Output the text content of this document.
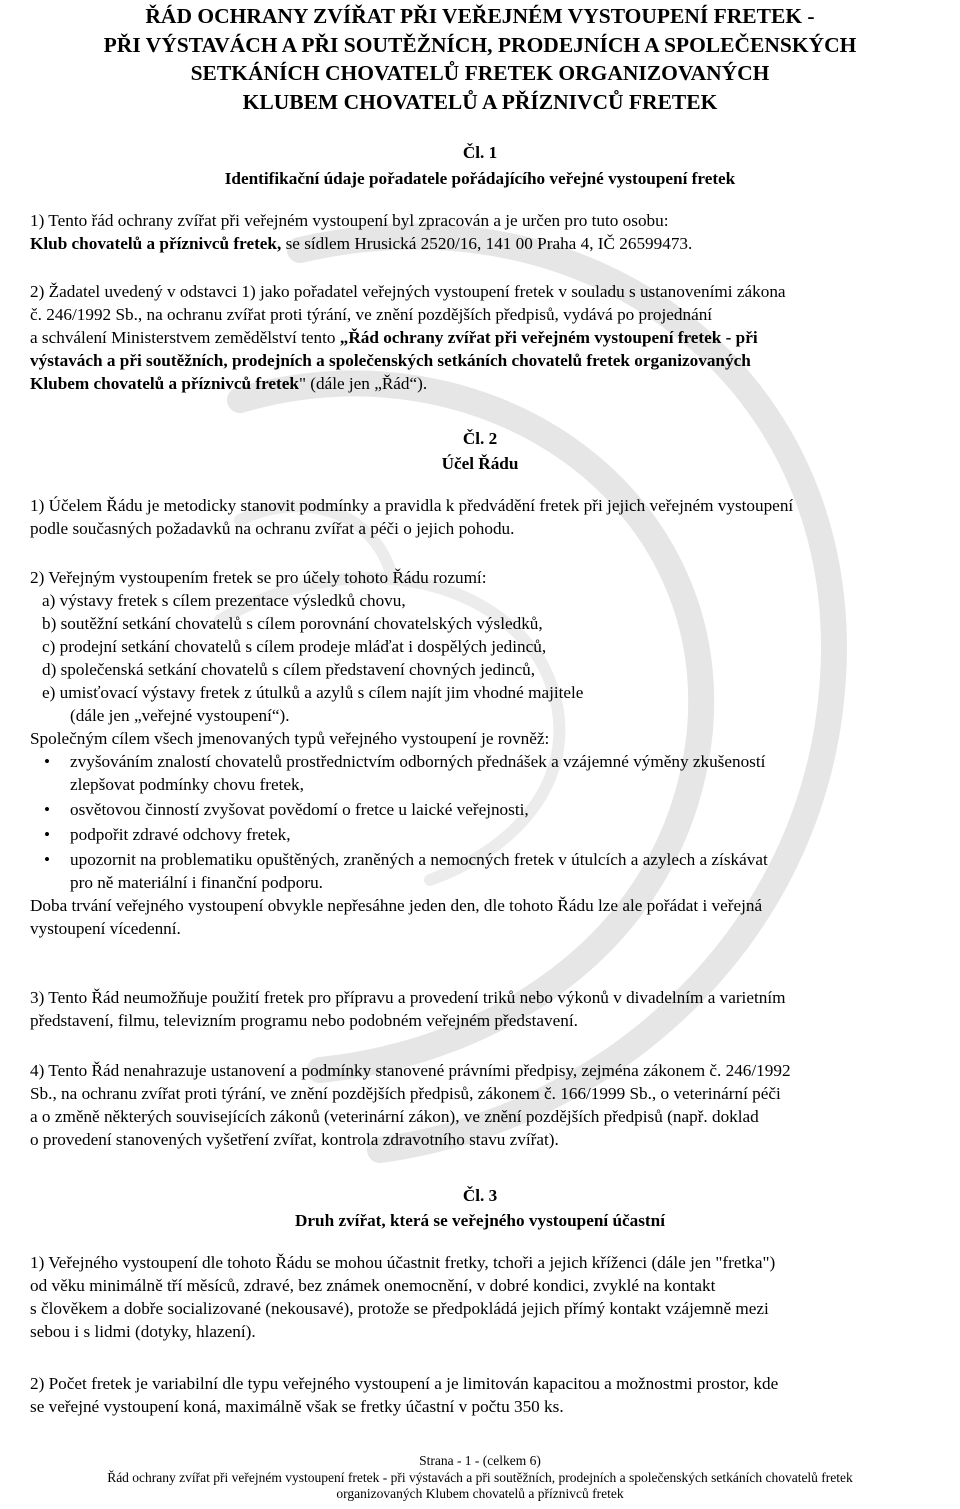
ŘÁD OCHRANY ZVÍŘAT PŘI VEŘEJNÉM VYSTOUPENÍ FRETEK -
PŘI VÝSTAVÁCH A PŘI SOUTĚŽNÍCH, PRODEJNÍCH A SPOLEČENSKÝCH
SETKÁNÍCH CHOVATELŮ FRETEK ORGANIZOVANÝCH
KLUBEM CHOVATELŮ A PŘÍZNIVCŮ FRETEK
Čl. 1
Identifikační údaje pořadatele pořádajícího veřejné vystoupení fretek
1) Tento řád ochrany zvířat při veřejném vystoupení byl zpracován a je určen pro tuto osobu:
Klub chovatelů a příznivců fretek, se sídlem Hrusická 2520/16, 141 00 Praha 4, IČ 26599473.
2) Žadatel uvedený v odstavci 1) jako pořadatel veřejných vystoupení fretek v souladu s ustanoveními zákona
č. 246/1992 Sb., na ochranu zvířat proti týrání, ve znění pozdějších předpisů, vydává po projednání
a schválení Ministerstvem zemědělství tento „Řád ochrany zvířat při veřejném vystoupení fretek - při
výstavách a při soutěžních, prodejních a společenských setkáních chovatelů fretek organizovaných
Klubem chovatelů a příznivců fretek" (dále jen „Řád“).
Čl. 2
Účel Řádu
1) Účelem Řádu je metodicky stanovit podmínky a pravidla k předvádění fretek při jejich veřejném vystoupení
podle současných požadavků na ochranu zvířat a péči o jejich pohodu.
2) Veřejným vystoupením fretek se pro účely tohoto Řádu rozumí:
a) výstavy fretek s cílem prezentace výsledků chovu,
b) soutěžní setkání chovatelů s cílem porovnání chovatelských výsledků,
c) prodejní setkání chovatelů s cílem prodeje mláďat i dospělých jedinců,
d) společenská setkání chovatelů s cílem představení chovných jedinců,
e) umisťovací výstavy fretek z útulků a azylů s cílem najít jim vhodné majitele
(dále jen „veřejné vystoupení“).
Společným cílem všech jmenovaných typů veřejného vystoupení je rovněž:
• zvyšováním znalostí chovatelů prostřednictvím odborných přednášek a vzájemné výměny zkušeností
zlepšovat podmínky chovu fretek,
• osvětovou činností zvyšovat povědomí o fretce u laické veřejnosti,
• podpořit zdravé odchovy fretek,
• upozornit na problematiku opuštěných, zraněných a nemocných fretek v útulcích a azylech a získávat
pro ně materiální i finanční podporu.
Doba trvání veřejného vystoupení obvykle nepřesáhne jeden den, dle tohoto Řádu lze ale pořádat i veřejná
vystoupení vícedenní.
3) Tento Řád neumožňuje použití fretek pro přípravu a provedení triků nebo výkonů v divadelním a varietním
představení, filmu, televizním programu nebo podobném veřejném představení.
4) Tento Řád nenahrazuje ustanovení a podmínky stanovené právními předpisy, zejména zákonem č. 246/1992
Sb., na ochranu zvířat proti týrání, ve znění pozdějších předpisů, zákonem č. 166/1999 Sb., o veterinární péči
a o změně některých souvisejících zákonů (veterinární zákon), ve znění pozdějších předpisů (např. doklad
o provedení stanovených vyšetření zvířat, kontrola zdravotního stavu zvířat).
Čl. 3
Druh zvířat, která se veřejného vystoupení účastní
1) Veřejného vystoupení dle tohoto Řádu se mohou účastnit fretky, tchoři a jejich kříženci (dále jen "fretka")
od věku minimálně tří měsíců, zdravé, bez známek onemocnění, v dobré kondici, zvyklé na kontakt
s člověkem a dobře socializované (nekousavé), protože se předpokládá jejich přímý kontakt vzájemně mezi
sebou i s lidmi (dotyky, hlazení).
2) Počet fretek je variabilní dle typu veřejného vystoupení a je limitován kapacitou a možnostmi prostor, kde
se veřejné vystoupení koná, maximálně však se fretky účastní v počtu 350 ks.
Strana - 1 - (celkem 6)
Řád ochrany zvířat při veřejném vystoupení fretek - při výstavách a při soutěžních, prodejních a společenských setkáních chovatelů fretek
organizovaných Klubem chovatelů a příznivců fretek
